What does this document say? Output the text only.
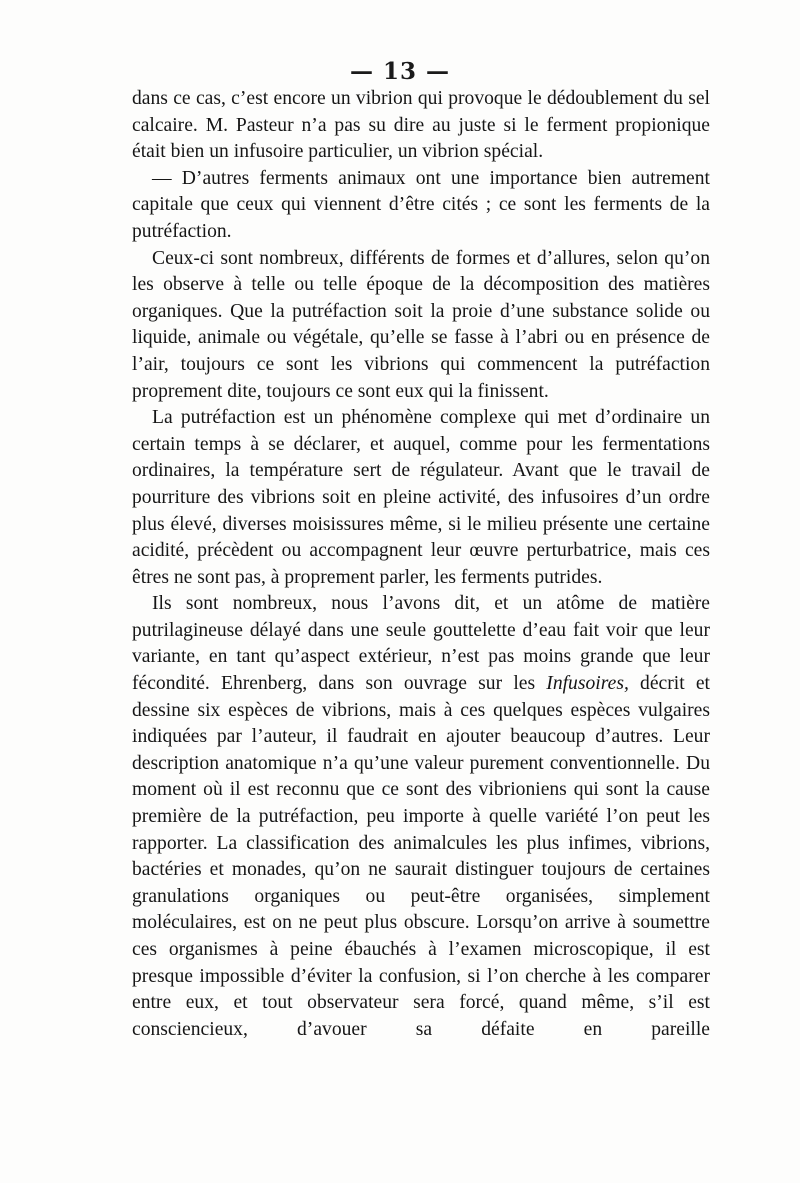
— 13 —

dans ce cas, c’est encore un vibrion qui provoque le dédoublement du sel calcaire. M. Pasteur n’a pas su dire au juste si le ferment propionique était bien un infusoire particulier, un vibrion spécial.

— D’autres ferments animaux ont une importance bien autrement capitale que ceux qui viennent d’être cités ; ce sont les ferments de la putréfaction.

Ceux-ci sont nombreux, différents de formes et d’allures, selon qu’on les observe à telle ou telle époque de la décomposition des matières organiques. Que la putréfaction soit la proie d’une substance solide ou liquide, animale ou végétale, qu’elle se fasse à l’abri ou en présence de l’air, toujours ce sont les vibrions qui commencent la putréfaction proprement dite, toujours ce sont eux qui la finissent.

La putréfaction est un phénomène complexe qui met d’ordinaire un certain temps à se déclarer, et auquel, comme pour les fermentations ordinaires, la température sert de régulateur. Avant que le travail de pourriture des vibrions soit en pleine activité, des infusoires d’un ordre plus élevé, diverses moisissures même, si le milieu présente une certaine acidité, précèdent ou accompagnent leur œuvre perturbatrice, mais ces êtres ne sont pas, à proprement parler, les ferments putrides.

Ils sont nombreux, nous l’avons dit, et un atôme de matière putrilagineuse délayé dans une seule gouttelette d’eau fait voir que leur variante, en tant qu’aspect extérieur, n’est pas moins grande que leur fécondité. Ehrenberg, dans son ouvrage sur les Infusoires, décrit et dessine six espèces de vibrions, mais à ces quelques espèces vulgaires indiquées par l’auteur, il faudrait en ajouter beaucoup d’autres. Leur description anatomique n’a qu’une valeur purement conventionnelle. Du moment où il est reconnu que ce sont des vibrioniens qui sont la cause première de la putréfaction, peu importe à quelle variété l’on peut les rapporter. La classification des animalcules les plus infimes, vibrions, bactéries et monades, qu’on ne saurait distinguer toujours de certaines granulations organiques ou peut-être organisées, simplement moléculaires, est on ne peut plus obscure. Lorsqu’on arrive à soumettre ces organismes à peine ébauchés à l’examen microscopique, il est presque impossible d’éviter la confusion, si l’on cherche à les comparer entre eux, et tout observateur sera forcé, quand même, s’il est consciencieux, d’avouer sa défaite en pareille
